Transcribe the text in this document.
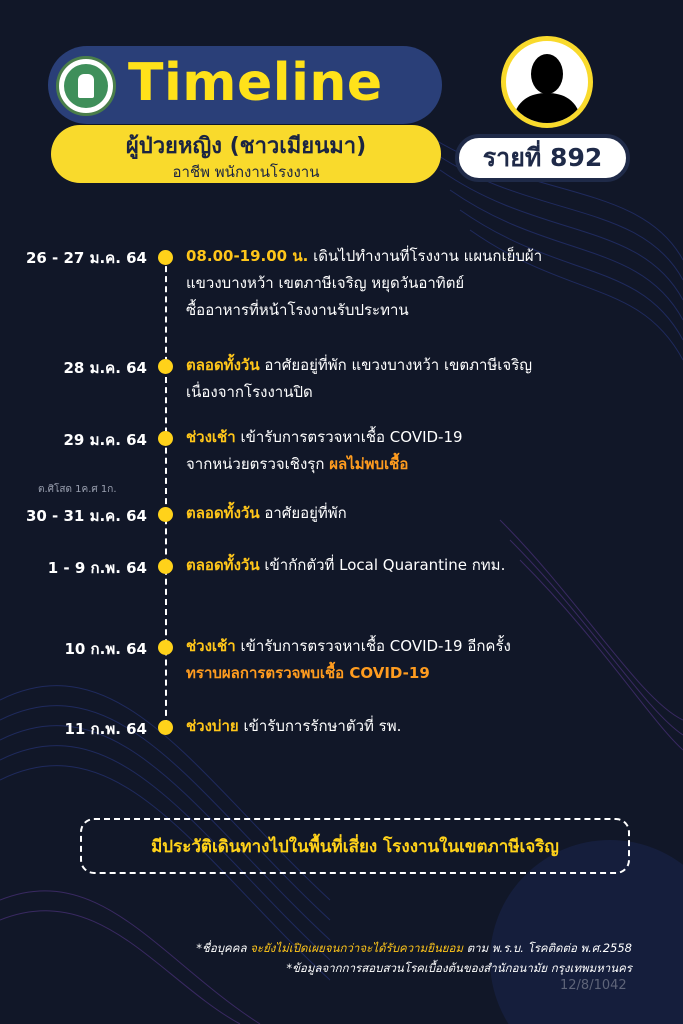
Timeline
ผู้ป่วยหญิง (ชาวเมียนมา)
อาชีพ พนักงานโรงงาน	รายที่ 892
26 - 27 ม.ค. 64	08.00-19.00 น. เดินไปทำงานที่โรงงาน แผนกเย็บผ้า
แขวงบางหว้า เขตภาษีเจริญ หยุดวันอาทิตย์
ซื้ออาหารที่หน้าโรงงานรับประทาน
28 ม.ค. 64	ตลอดทั้งวัน อาศัยอยู่ที่พัก แขวงบางหว้า เขตภาษีเจริญ
เนื่องจากโรงงานปิด
29 ม.ค. 64	ช่วงเช้า เข้ารับการตรวจหาเชื้อ COVID-19
จากหน่วยตรวจเชิงรุก ผลไม่พบเชื้อ
ต.ศิโสด 1ค.ศ 1ก.
30 - 31 ม.ค. 64	ตลอดทั้งวัน อาศัยอยู่ที่พัก
1 - 9 ก.พ. 64	ตลอดทั้งวัน เข้ากักตัวที่ Local Quarantine กทม.
10 ก.พ. 64	ช่วงเช้า เข้ารับการตรวจหาเชื้อ COVID-19 อีกครั้ง
ทราบผลการตรวจพบเชื้อ COVID-19
11 ก.พ. 64	ช่วงบ่าย เข้ารับการรักษาตัวที่ รพ.
มีประวัติเดินทางไปในพื้นที่เสี่ยง โรงงานในเขตภาษีเจริญ
*ชื่อบุคคล จะยังไม่เปิดเผยจนกว่าจะได้รับความยินยอม ตาม พ.ร.บ. โรคติดต่อ พ.ศ.2558
*ข้อมูลจากการสอบสวนโรคเบื้องต้นของสำนักอนามัย กรุงเทพมหานคร
12/8/1042
